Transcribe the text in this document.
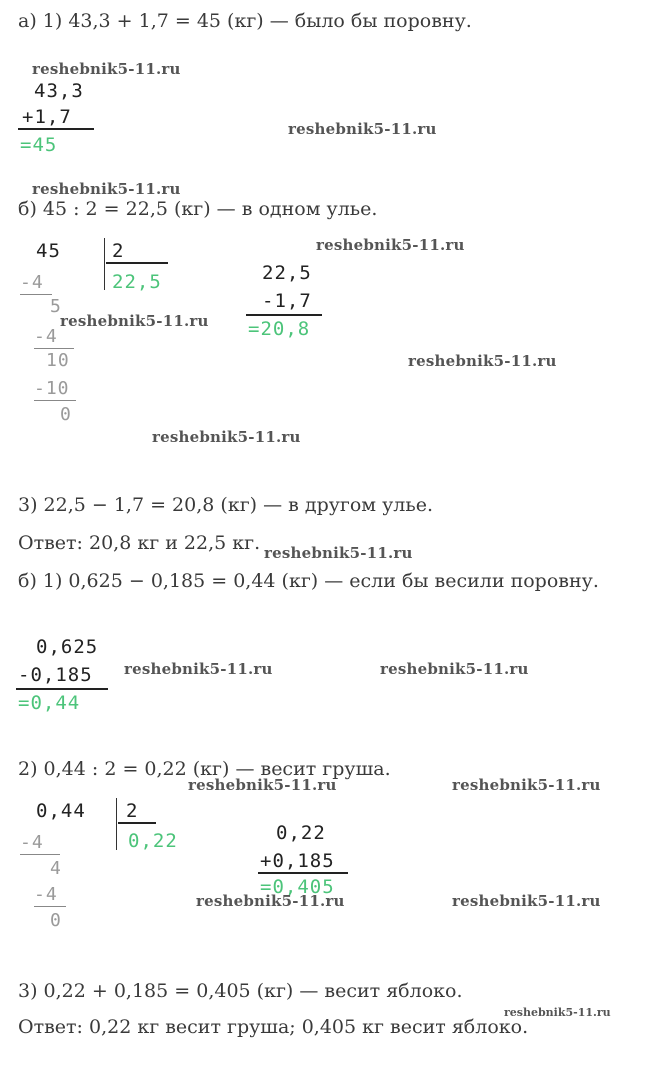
а) 1) 43,3 + 1,7 = 45 (кг) — было бы поровну.
reshebnik5-11.ru
43,3
+1,7
=45
reshebnik5-11.ru
reshebnik5-11.ru
б) 45 : 2 = 22,5 (кг) — в одном улье.
45	2
22,5
-4
5
-4
10
-10
0
reshebnik5-11.ru
reshebnik5-11.ru
22,5
-1,7
=20,8
reshebnik5-11.ru
reshebnik5-11.ru
3) 22,5 − 1,7 = 20,8 (кг) — в другом улье.
Ответ: 20,8 кг и 22,5 кг. reshebnik5-11.ru
б) 1) 0,625 − 0,185 = 0,44 (кг) — если бы весили поровну.
0,625
-0,185
=0,44
reshebnik5-11.ru	reshebnik5-11.ru
2) 0,44 : 2 = 0,22 (кг) — весит груша.
reshebnik5-11.ru	reshebnik5-11.ru
0,44 2
0,22
-4
4
-4
0
0,22
+0,185
=0,405
reshebnik5-11.ru	reshebnik5-11.ru
3) 0,22 + 0,185 = 0,405 (кг) — весит яблоко.
reshebnik5-11.ru
Ответ: 0,22 кг весит груша; 0,405 кг весит яблоко.
